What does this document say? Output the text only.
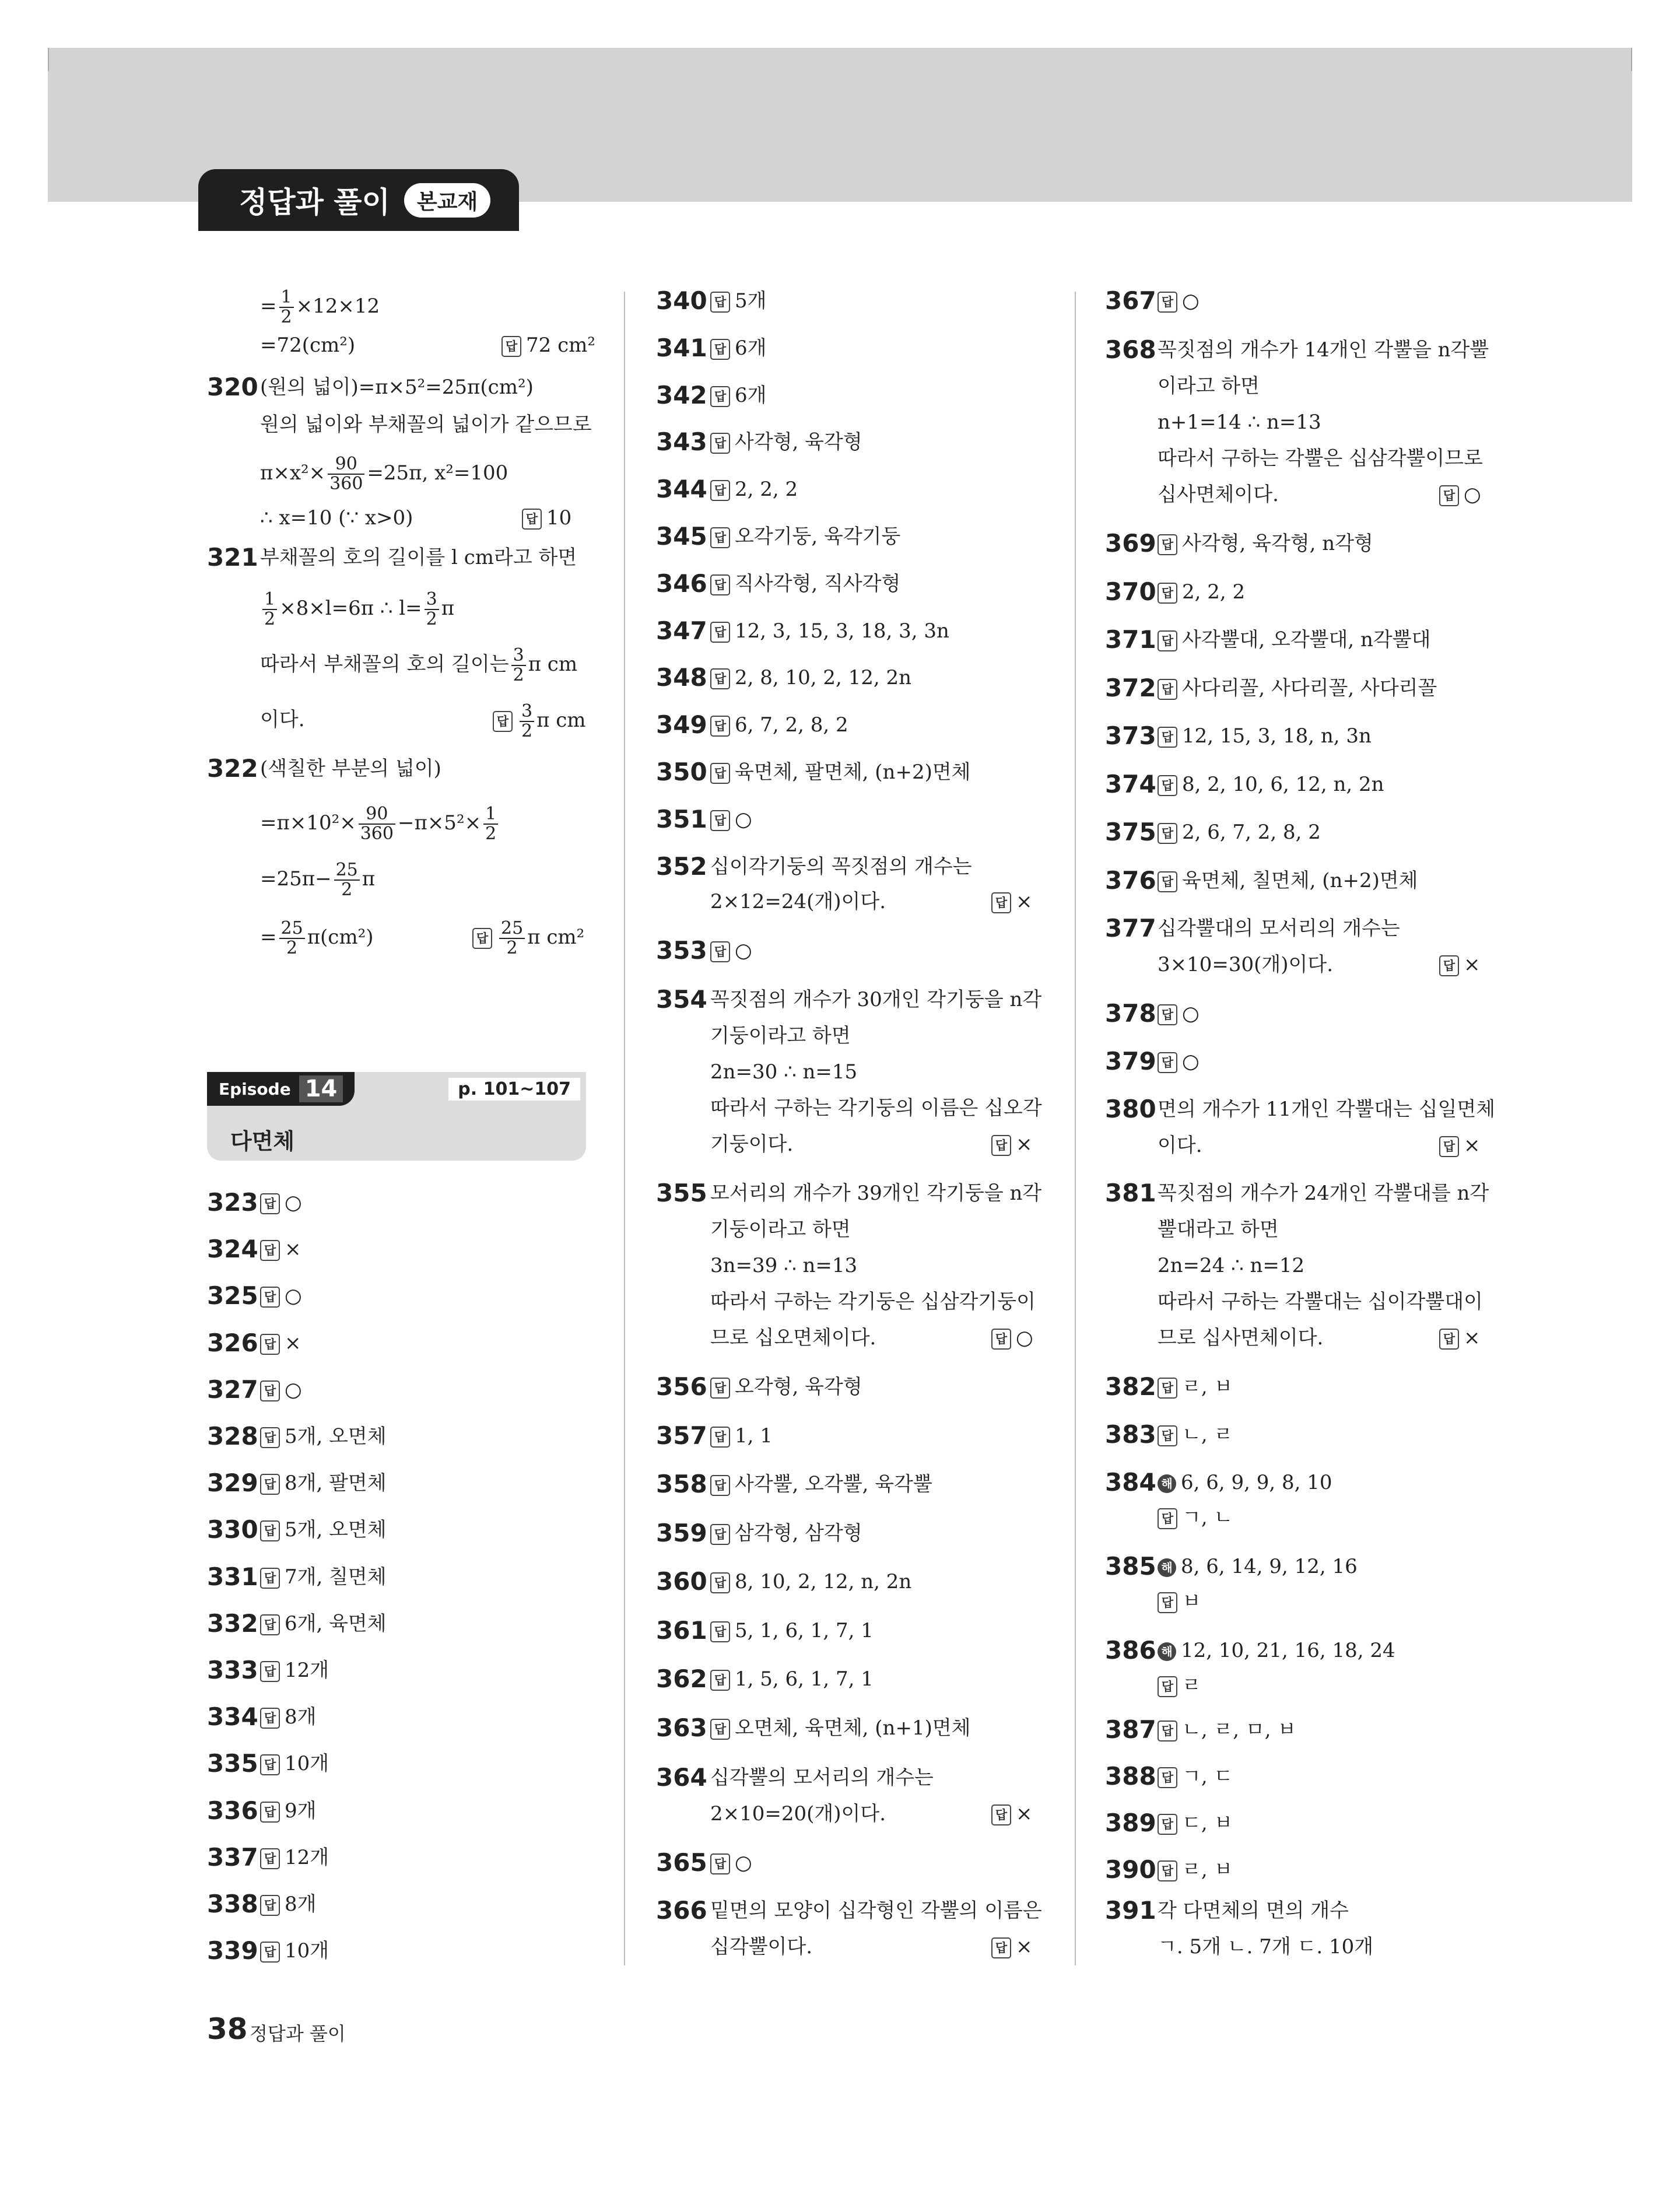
정답과 풀이	본교재
= $\frac{1}{2} \times 12\times 12$
=72(cm²)	답 72 cm²
320 (원의 넓이)=π×5²=25π(cm²)
원의 넓이와 부채꼴의 넓이가 같으므로
$\pi\times x^2\times \frac{90}{360} =25\pi$, x²=100
∴ x=10 (∵ x>0)	답 10
321 부채꼴의 호의 길이를 l cm라고 하면
$\frac{1}{2} \times 8\times l=6\pi$ ∴ $l= \frac{3}{2}$ π
따라서 부채꼴의 호의 길이는 $\frac{3}{2}$ π cm
이다.	답 $\frac{3}{2}$ π cm
322 (색칠한 부분의 넓이)
$=\pi\times 10^2\times \frac{90}{360} -\pi\times 5^2\times \frac{1}{2}$
$=25\pi- \frac{25}{2}$ π
= $\frac{25}{2} \pi(cm^2)$	답 $\frac{25}{2}$ π cm²
Episode 14	p. 101~107
다면체
323 답 ○
324 답 ×
325 답 ○
326 답 ×
327 답 ○
328 답 5개, 오면체
329 답 8개, 팔면체
330 답 5개, 오면체
331 답 7개, 칠면체
332 답 6개, 육면체
333 답 12개
334 답 8개
335 답 10개
336 답 9개
337 답 12개
338 답 8개
339 답 10개
340 답 5개
341 답 6개
342 답 6개
343 답 사각형, 육각형
344 답 2, 2, 2
345 답 오각기둥, 육각기둥
346 답 직사각형, 직사각형
347 답 12, 3, 15, 3, 18, 3, 3n
348 답 2, 8, 10, 2, 12, 2n
349 답 6, 7, 2, 8, 2
350 답 육면체, 팔면체, (n+2)면체
351 답 ○
352 십이각기둥의 꼭짓점의 개수는
2×12=24(개)이다.	답 ×
353 답 ○
354 꼭짓점의 개수가 30개인 각기둥을 n각
기둥이라고 하면
2n=30 ∴ n=15
따라서 구하는 각기둥의 이름은 십오각
기둥이다.	답 ×
355 모서리의 개수가 39개인 각기둥을 n각
기둥이라고 하면
3n=39 ∴ n=13
따라서 구하는 각기둥은 십삼각기둥이
므로 십오면체이다.	답 ○
356 답 오각형, 육각형
357 답 1, 1
358 답 사각뿔, 오각뿔, 육각뿔
359 답 삼각형, 삼각형
360 답 8, 10, 2, 12, n, 2n
361 답 5, 1, 6, 1, 7, 1
362 답 1, 5, 6, 1, 7, 1
363 답 오면체, 육면체, (n+1)면체
364 십각뿔의 모서리의 개수는
2×10=20(개)이다.	답 ×
365 답 ○
366 밑면의 모양이 십각형인 각뿔의 이름은
십각뿔이다.	답 ×
367 답 ○
368 꼭짓점의 개수가 14개인 각뿔을 n각뿔
이라고 하면
n+1=14 ∴ n=13
따라서 구하는 각뿔은 십삼각뿔이므로
십사면체이다.	답 ○
369 답 사각형, 육각형, n각형
370 답 2, 2, 2
371 답 사각뿔대, 오각뿔대, n각뿔대
372 답 사다리꼴, 사다리꼴, 사다리꼴
373 답 12, 15, 3, 18, n, 3n
374 답 8, 2, 10, 6, 12, n, 2n
375 답 2, 6, 7, 2, 8, 2
376 답 육면체, 칠면체, (n+2)면체
377 십각뿔대의 모서리의 개수는
3×10=30(개)이다.	답 ×
378 답 ○
379 답 ○
380 면의 개수가 11개인 각뿔대는 십일면체
이다.	답 ×
381 꼭짓점의 개수가 24개인 각뿔대를 n각
뿔대라고 하면
2n=24 ∴ n=12
따라서 구하는 각뿔대는 십이각뿔대이
므로 십사면체이다.	답 ×
382 답 ㄹ, ㅂ
383 답 ㄴ, ㄹ
384 해 6, 6, 9, 9, 8, 10
답 ㄱ, ㄴ
385 해 8, 6, 14, 9, 12, 16
답 ㅂ
386 해 12, 10, 21, 16, 18, 24
답 ㄹ
387 답 ㄴ, ㄹ, ㅁ, ㅂ
388 답 ㄱ, ㄷ
389 답 ㄷ, ㅂ
390 답 ㄹ, ㅂ
391 각 다면체의 면의 개수
ㄱ. 5개 ㄴ. 7개 ㄷ. 10개
38 정답과 풀이
